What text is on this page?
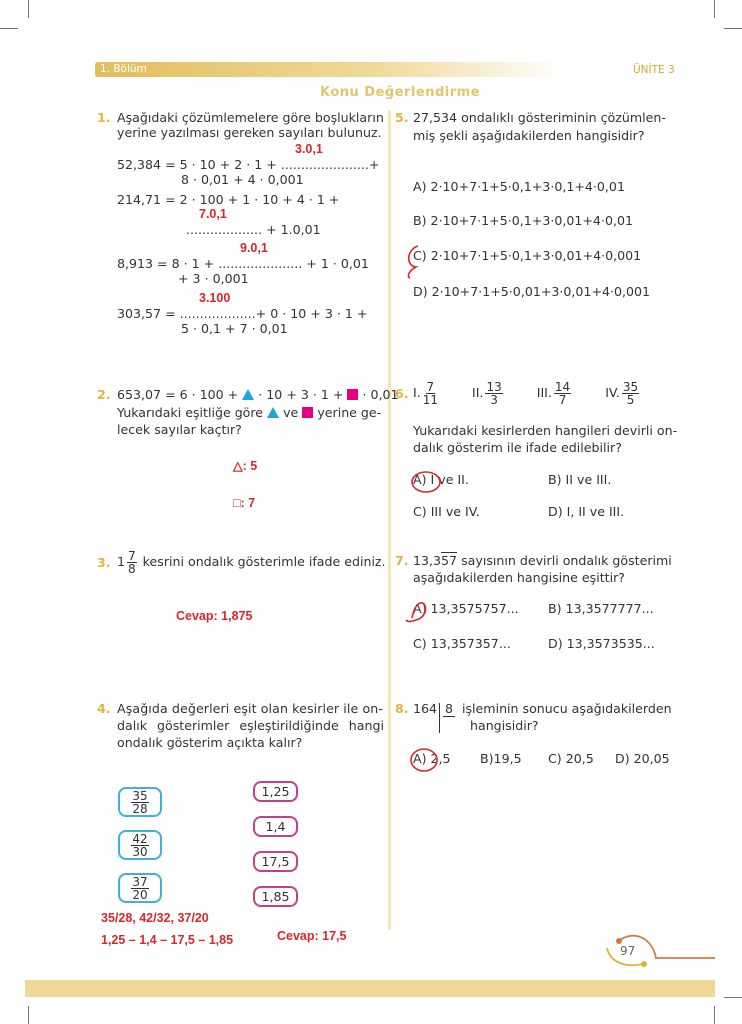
1. Bölüm	ÜNİTE 3
Konu Değerlendirme
1. Aşağıdaki çözümlemelere göre boşlukların
yerine yazılması gereken sayıları bulunuz.
3.0,1
52,384 = 5 · 10 + 2 · 1 + ......................+
8 · 0,01 + 4 · 0,001
214,71 = 2 · 100 + 1 · 10 + 4 · 1 +
7.0,1
................... + 1.0,01
9.0,1
8,913 = 8 · 1 + ..................... + 1 · 0,01
+ 3 · 0,001
3.100
303,57 = ...................+ 0 · 10 + 3 · 1 +
5 · 0,1 + 7 · 0,01
2. 653,07 = 6 · 100 + · 10 + 3 · 1 + · 0,01
Yukarıdaki eşitliğe göre ve yerine ge-
lecek sayılar kaçtır?
△: 5
□: 7
3. $1 \frac{7}{8}$ kesrini ondalık gösterimle ifade ediniz.
Cevap: 1,875
4. Aşağıda değerleri eşit olan kesirler ile on-
dalık gösterimler eşleştirildiğinde hangi
ondalık gösterim açıkta kalır?
$\frac{35}{28}$
$\frac{42}{30}$
$\frac{37}{20}$
1,25
1,4
17,5
1,85
35/28, 42/32, 37/20
1,25 – 1,4 – 17,5 – 1,85	Cevap: 17,5
5. 27,534 ondalıklı gösteriminin çözümlen-
miş şekli aşağıdakilerden hangisidir?
A) 2·10+7·1+5·0,1+3·0,1+4·0,01
B) 2·10+7·1+5·0,1+3·0,01+4·0,01
C) 2·10+7·1+5·0,1+3·0,01+4·0,001
D) 2·10+7·1+5·0,01+3·0,01+4·0,001
6. I. $\frac{7}{11}$	II. $\frac{13}{3}$	III. $\frac{14}{7}$	IV. $\frac{35}{5}$
Yukarıdaki kesirlerden hangileri devirli on-
dalık gösterim ile ifade edilebilir?
A) I ve II.	B) II ve III.
C) III ve IV.	D) I, II ve III.
7. 13,357 sayısının devirli ondalık gösterimi
aşağıdakilerden hangisine eşittir?
A) 13,3575757... B) 13,3577777...
C) 13,357357...	D) 13,3573535...
8. 164 8 işleminin sonucu aşağıdakilerden
hangisidir?
A) 2,5 B)19,5 C) 20,5 D) 20,05
97
